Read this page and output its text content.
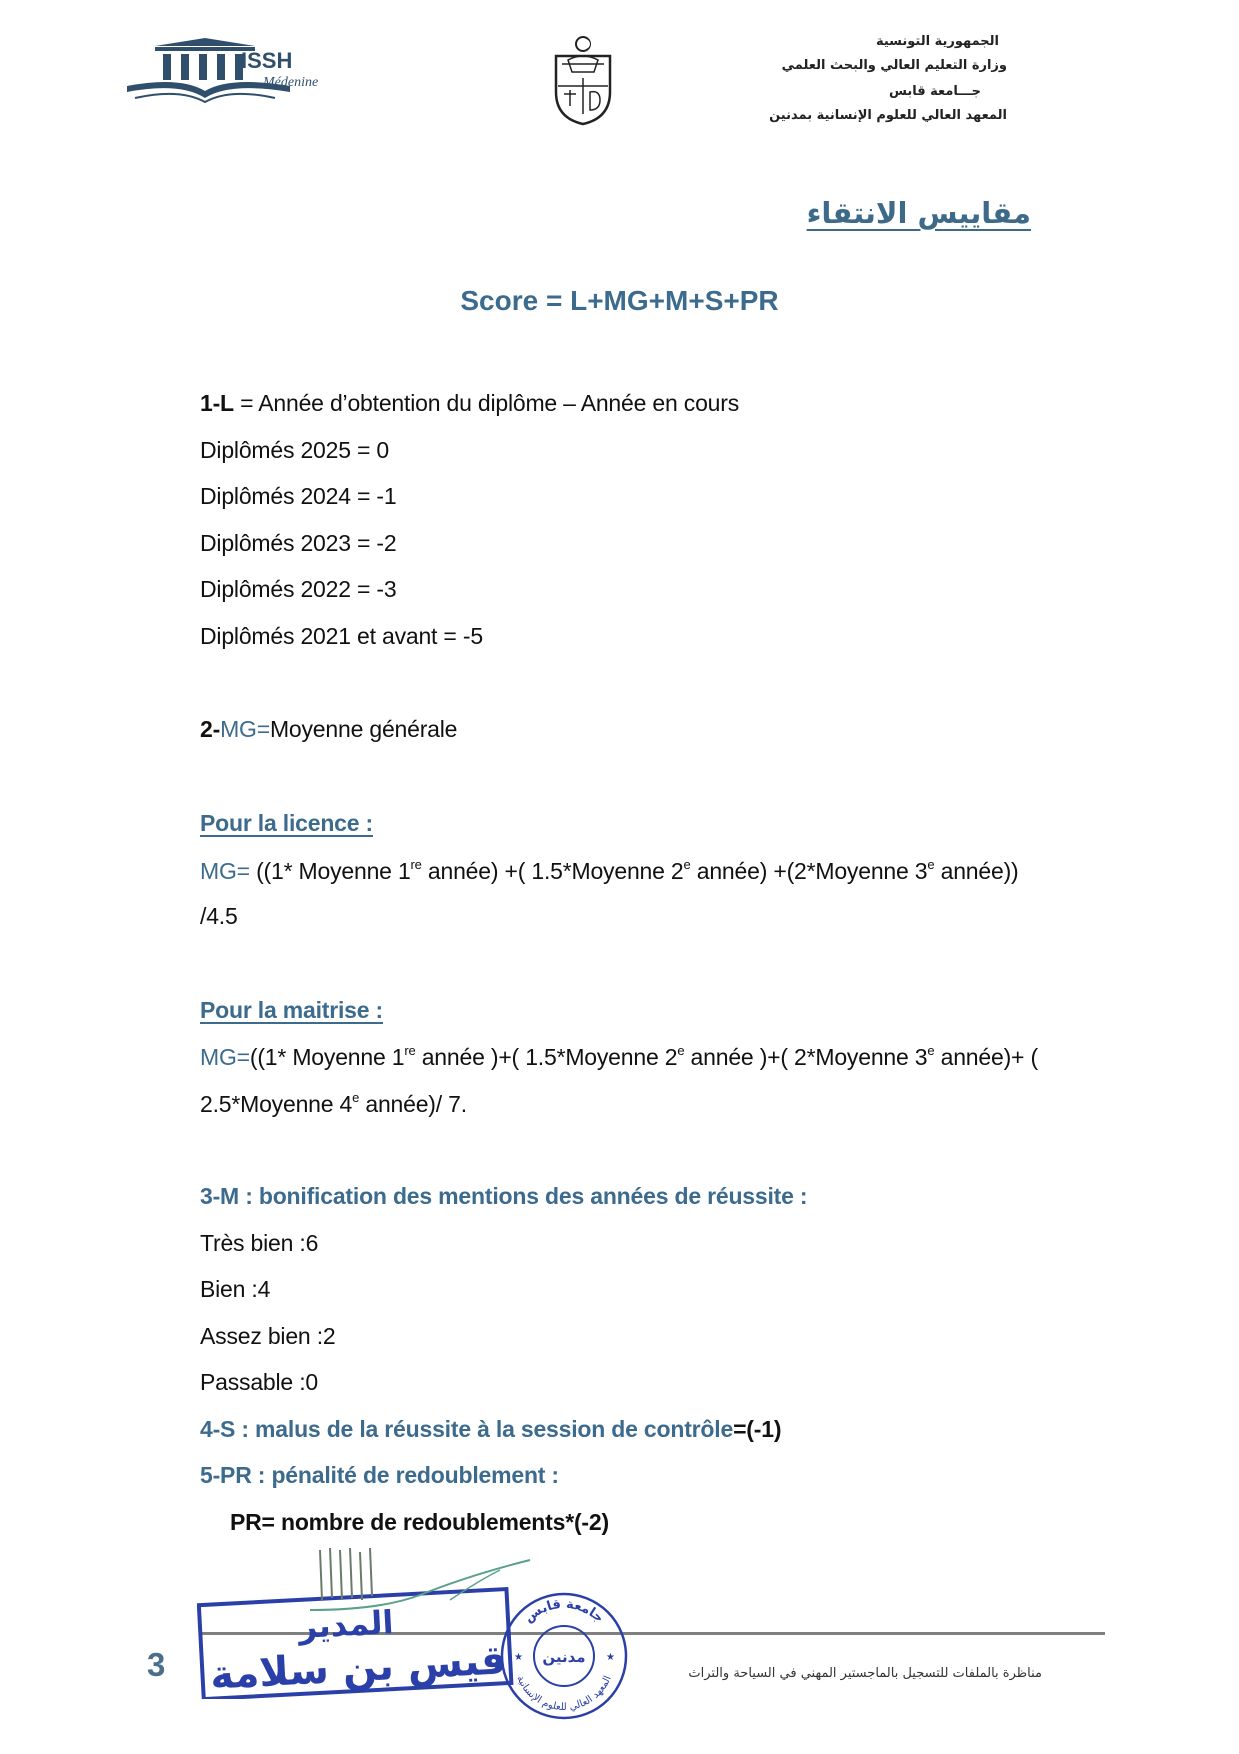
ISSH
Médenine
الجمهورية التونسية
وزارة التعليم العالي والبحث العلمي
جـــامعة قابس
المعهد العالي للعلوم الإنسانية بمدنين
مقاييس الانتقاء
Score = L+MG+M+S+PR
1-L = Année d’obtention du diplôme – Année en cours
Diplômés 2025 = 0
Diplômés 2024 = -1
Diplômés 2023 = -2
Diplômés 2022 = -3
Diplômés 2021 et avant = -5
2-MG=Moyenne générale
Pour la licence :
MG= ((1* Moyenne 1re année) +( 1.5*Moyenne 2e année) +(2*Moyenne 3e année))
/4.5
Pour la maitrise :
MG=((1* Moyenne 1re année )+( 1.5*Moyenne 2e année )+( 2*Moyenne 3e année)+ (
2.5*Moyenne 4e année)/ 7.
3-M : bonification des mentions des années de réussite :
Très bien :6
Bien :4
Assez bien :2
Passable :0
4-S : malus de la réussite à la session de contrôle=(-1)
5-PR : pénalité de redoublement :
PR= nombre de redoublements*(-2)
3	مناظرة بالملفات للتسجيل بالماجستير المهني في السياحة والتراث
المدير
قيس بن سلامة
جامعة قابس
مدنين
المعهد العالي للعلوم الإنسانية
★	★
